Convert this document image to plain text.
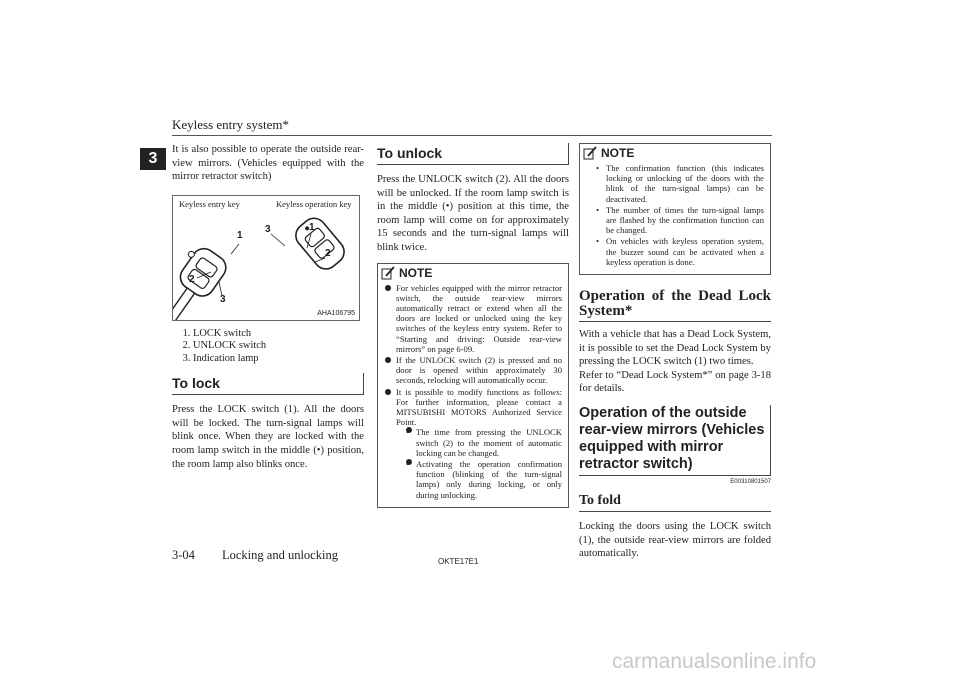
Keyless entry system*
3

It is also possible to operate the outside rear-view mirrors. (Vehicles equipped with the mirror retractor switch)

Keyless entry key	Keyless operation key
1
2
3
3	1
2
AHA106795
1. LOCK switch
2. UNLOCK switch
3. Indication lamp
To lock

Press the LOCK switch (1). All the doors will be locked. The turn-signal lamps will blink once. When they are locked with the room lamp switch in the middle (•) position, the room lamp also blinks once.

To unlock

Press the UNLOCK switch (2). All the doors will be unlocked. If the room lamp switch is in the middle (•) position at this time, the room lamp will come on for approximately 15 seconds and the turn-signal lamps will blink twice.

NOTE
For vehicles equipped with the mirror retractor switch, the outside rear-view mirrors automatically retract or extend when all the doors are locked or unlocked using the key switches of the keyless entry system. Refer to “Starting and driving: Outside rear-view mirrors” on page 6-09.
If the UNLOCK switch (2) is pressed and no door is opened within approximately 30 seconds, relocking will automatically occur.
It is possible to modify functions as follows: For further information, please contact a MITSUBISHI MOTORS Authorized Service Point.
• The time from pressing the UNLOCK switch (2) to the moment of automatic locking can be changed.
• Activating the operation confirmation function (blinking of the turn-signal lamps) only during locking, or only during unlocking.
NOTE
• The confirmation function (this indicates locking or unlocking of the doors with the blink of the turn-signal lamps) can be deactivated.
• The number of times the turn-signal lamps are flashed by the confirmation function can be changed.
• On vehicles with keyless operation system, the buzzer sound can be activated when a keyless operation is done.
Operation of the Dead Lock
System*

With a vehicle that has a Dead Lock System, it is possible to set the Dead Lock System by pressing the LOCK switch (1) two times.

Refer to “Dead Lock System*” on page 3-18 for details.

Operation of the outside rear-view mirrors (Vehicles equipped with mirror retractor switch)
E00310801507
To fold

Locking the doors using the LOCK switch (1), the outside rear-view mirrors are folded automatically.

3-04 Locking and unlocking	OKTE17E1
carmanualsonline.info
